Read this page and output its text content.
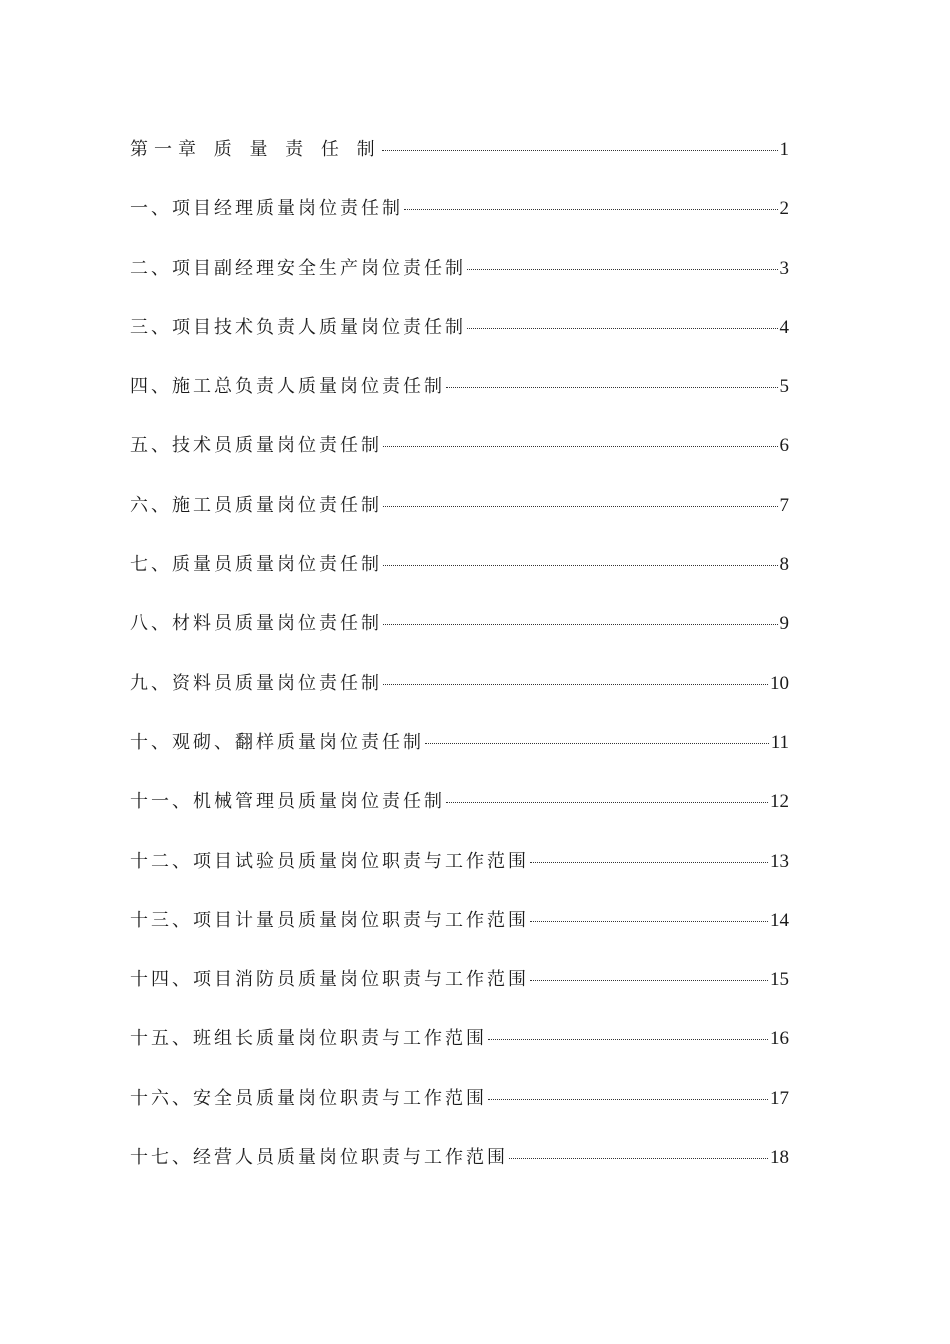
第一章 质 量 责 任 制	1
一、项目经理质量岗位责任制	2
二、项目副经理安全生产岗位责任制	3
三、项目技术负责人质量岗位责任制	4
四、施工总负责人质量岗位责任制	5
五、技术员质量岗位责任制	6
六、施工员质量岗位责任制	7
七、质量员质量岗位责任制	8
八、材料员质量岗位责任制	9
九、资料员质量岗位责任制	10
十、观砌、翻样质量岗位责任制	11
十一、机械管理员质量岗位责任制	12
十二、项目试验员质量岗位职责与工作范围	13
十三、项目计量员质量岗位职责与工作范围	14
十四、项目消防员质量岗位职责与工作范围	15
十五、班组长质量岗位职责与工作范围	16
十六、安全员质量岗位职责与工作范围	17
十七、经营人员质量岗位职责与工作范围	18
